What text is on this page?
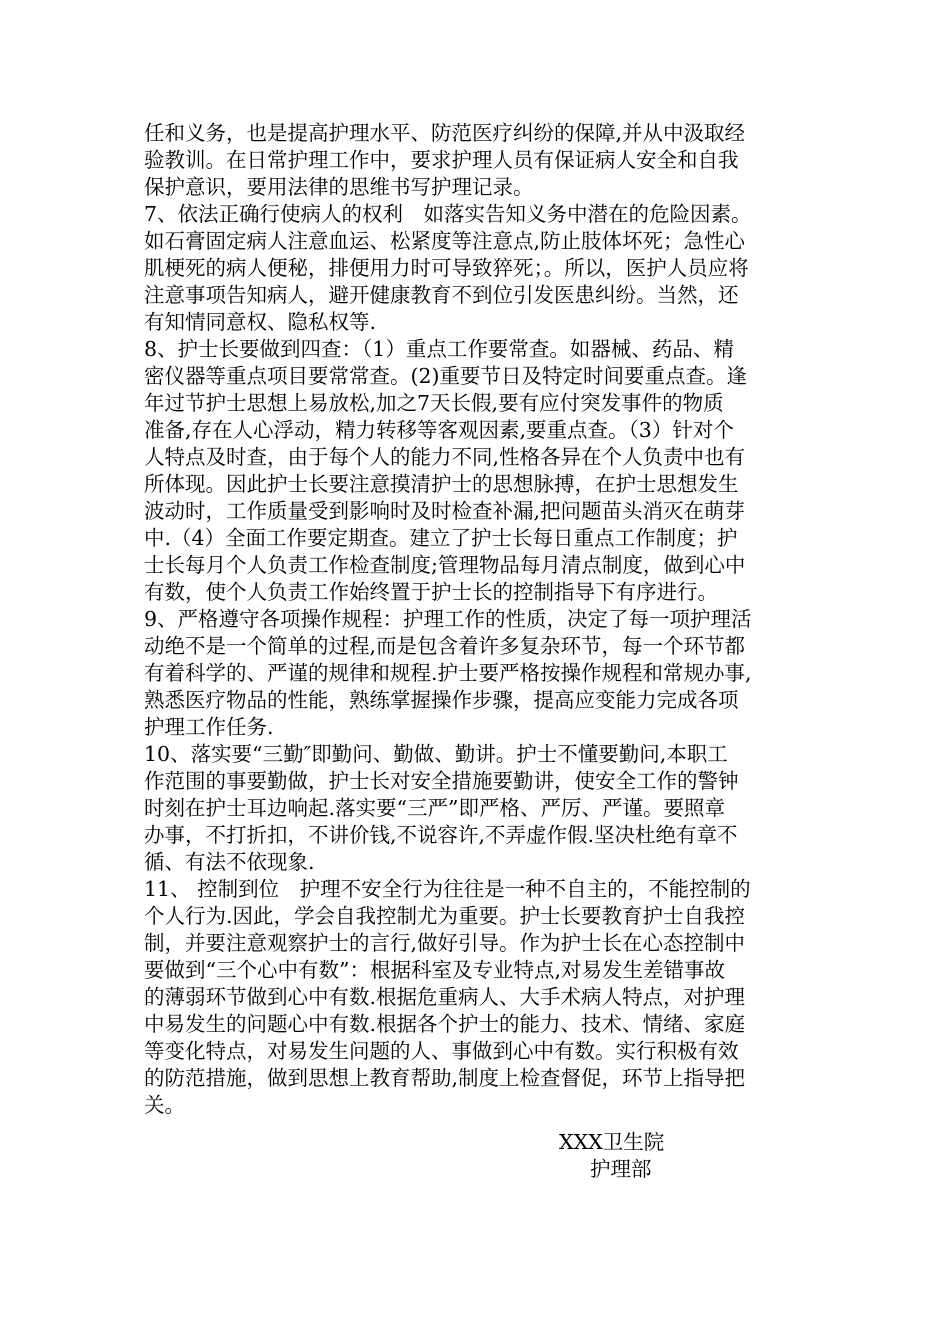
任和义务，也是提高护理水平、防范医疗纠纷的保障,并从中汲取经
验教训。在日常护理工作中，要求护理人员有保证病人安全和自我
保护意识，要用法律的思维书写护理记录。
7、依法正确行使病人的权利　如落实告知义务中潜在的危险因素。
如石膏固定病人注意血运、松紧度等注意点,防止肢体坏死；急性心
肌梗死的病人便秘，排便用力时可导致猝死；。所以，医护人员应将
注意事项告知病人，避开健康教育不到位引发医患纠纷。当然，还
有知情同意权、隐私权等.
8、护士长要做到四查：（1）重点工作要常查。如器械、药品、精
密仪器等重点项目要常常查。(2)重要节日及特定时间要重点查。逢
年过节护士思想上易放松,加之7天长假,要有应付突发事件的物质
准备,存在人心浮动，精力转移等客观因素,要重点查。（3）针对个
人特点及时查，由于每个人的能力不同,性格各异在个人负责中也有
所体现。因此护士长要注意摸清护士的思想脉搏，在护士思想发生
波动时，工作质量受到影响时及时检查补漏,把问题苗头消灭在萌芽
中.（4）全面工作要定期查。建立了护士长每日重点工作制度；护
士长每月个人负责工作检查制度;管理物品每月清点制度，做到心中
有数，使个人负责工作始终置于护士长的控制指导下有序进行。
9、严格遵守各项操作规程：护理工作的性质，决定了每一项护理活
动绝不是一个简单的过程,而是包含着许多复杂环节，每一个环节都
有着科学的、严谨的规律和规程.护士要严格按操作规程和常规办事,
熟悉医疗物品的性能，熟练掌握操作步骤，提高应变能力完成各项
护理工作任务.
10、落实要“三勤″即勤问、勤做、勤讲。护士不懂要勤问,本职工
作范围的事要勤做，护士长对安全措施要勤讲，使安全工作的警钟
时刻在护士耳边响起.落实要“三严”即严格、严厉、严谨。要照章
办事，不打折扣，不讲价钱,不说容许,不弄虚作假.坚决杜绝有章不
循、有法不依现象.
11、 控制到位　护理不安全行为往往是一种不自主的，不能控制的
个人行为.因此，学会自我控制尤为重要。护士长要教育护士自我控
制，并要注意观察护士的言行,做好引导。作为护士长在心态控制中
要做到“三个心中有数”：根据科室及专业特点,对易发生差错事故
的薄弱环节做到心中有数.根据危重病人、大手术病人特点，对护理
中易发生的问题心中有数.根据各个护士的能力、技术、情绪、家庭
等变化特点，对易发生问题的人、事做到心中有数。实行积极有效
的防范措施，做到思想上教育帮助,制度上检查督促，环节上指导把
关。
XXX卫生院
护理部
